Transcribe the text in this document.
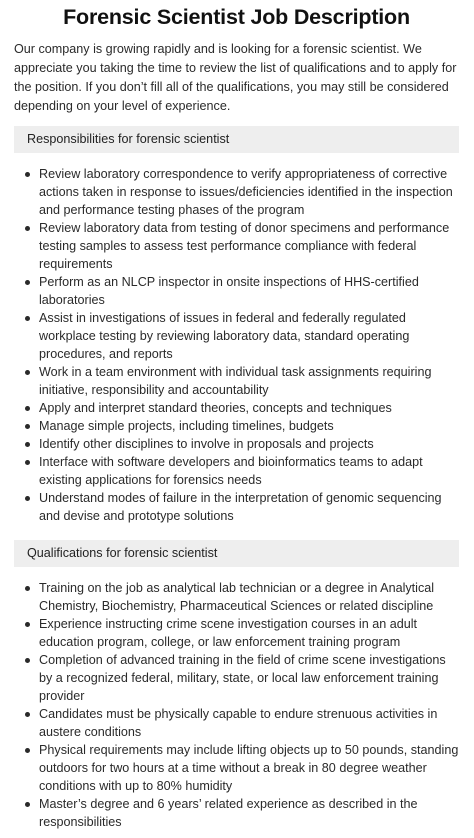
Forensic Scientist Job Description

Our company is growing rapidly and is looking for a forensic scientist. We appreciate you taking the time to review the list of qualifications and to apply for the position. If you don’t fill all of the qualifications, you may still be considered depending on your level of experience.

Responsibilities for forensic scientist
Review laboratory correspondence to verify appropriateness of corrective actions taken in response to issues/deficiencies identified in the inspection and performance testing phases of the program
Review laboratory data from testing of donor specimens and performance testing samples to assess test performance compliance with federal requirements
Perform as an NLCP inspector in onsite inspections of HHS-certified laboratories
Assist in investigations of issues in federal and federally regulated workplace testing by reviewing laboratory data, standard operating procedures, and reports
Work in a team environment with individual task assignments requiring initiative, responsibility and accountability
Apply and interpret standard theories, concepts and techniques
Manage simple projects, including timelines, budgets
Identify other disciplines to involve in proposals and projects
Interface with software developers and bioinformatics teams to adapt existing applications for forensics needs
Understand modes of failure in the interpretation of genomic sequencing and devise and prototype solutions
Qualifications for forensic scientist
Training on the job as analytical lab technician or a degree in Analytical Chemistry, Biochemistry, Pharmaceutical Sciences or related discipline
Experience instructing crime scene investigation courses in an adult education program, college, or law enforcement training program
Completion of advanced training in the field of crime scene investigations by a recognized federal, military, state, or local law enforcement training provider
Candidates must be physically capable to endure strenuous activities in austere conditions
Physical requirements may include lifting objects up to 50 pounds, standing outdoors for two hours at a time without a break in 80 degree weather conditions with up to 80% humidity
Master’s degree and 6 years’ related experience as described in the responsibilities
